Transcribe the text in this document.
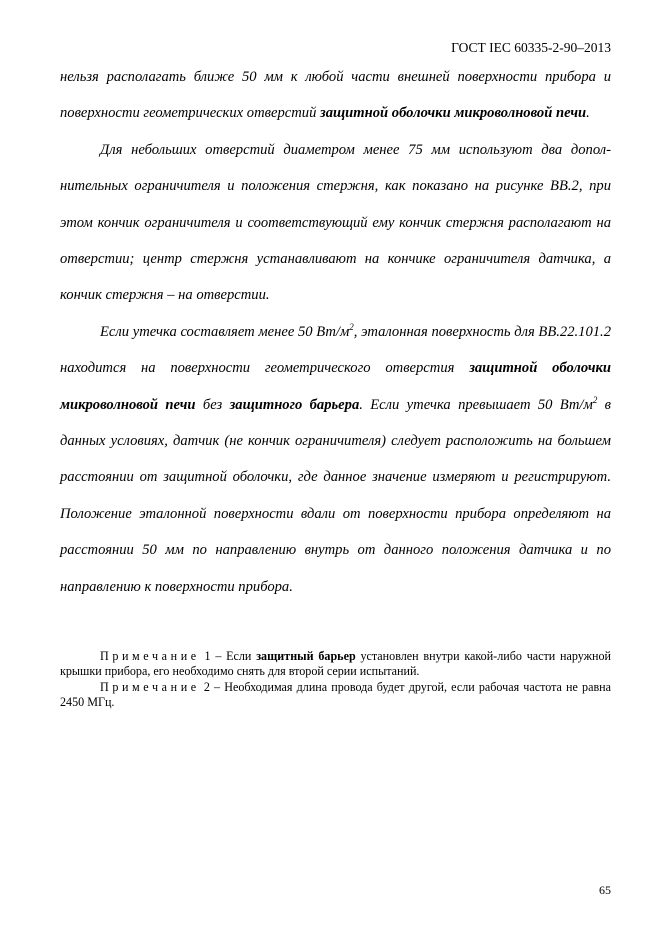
ГОСТ IEC 60335-2-90–2013

нельзя располагать ближе 50 мм к любой части внешней поверхности прибора и поверхности геометрических отверстий защитной оболочки микроволновой печи.

Для небольших отверстий диаметром менее 75 мм используют два дополнительных ограничителя и положения стержня, как показано на рисунке BB.2, при этом кончик ограничителя и соответствующий ему кончик стержня располагают на отверстии; центр стержня устанавливают на кончике ограничителя датчика, а кончик стержня – на отверстии.

Если утечка составляет менее 50 $Вт/м^2$, эталонная поверхность для BB.22.101.2 находится на поверхности геометрического отверстия защитной оболочки микроволновой печи без защитного барьера. Если утечка превышает 50 $Вт/м^2$ в данных условиях, датчик (не кончик ограничителя) следует расположить на большем расстоянии от защитной оболочки, где данное значение измеряют и регистрируют. Положение эталонной поверхности вдали от поверхности прибора определяют на расстоянии 50 мм по направлению внутрь от данного положения датчика и по направлению к поверхности прибора.

Примечание 1 – Если защитный барьер установлен внутри какой-либо части наружной крышки прибора, его необходимо снять для второй серии испытаний.

Примечание 2 – Необходимая длина провода будет другой, если рабочая частота не равна 2450 МГц.

65
